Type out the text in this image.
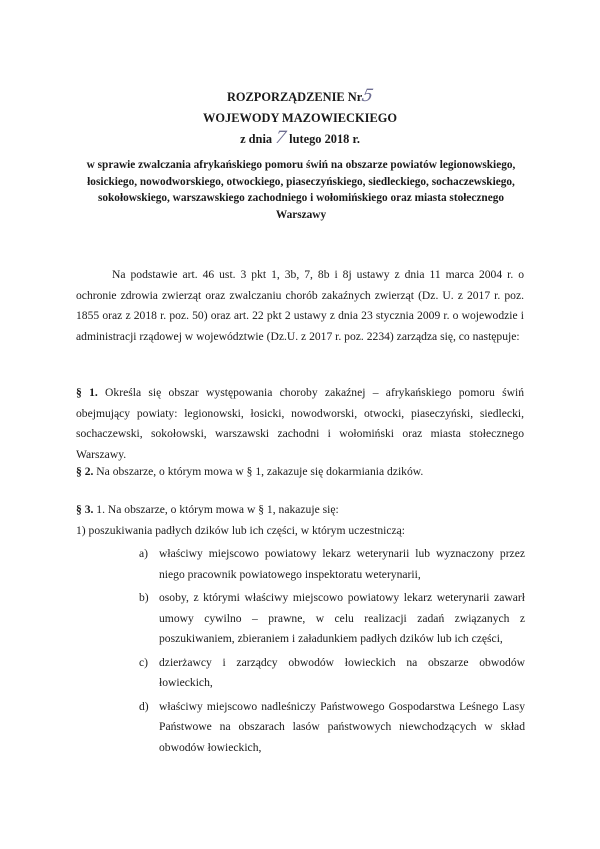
ROZPORZĄDZENIE Nr5
WOJEWODY MAZOWIECKIEGO
z dnia 7 lutego 2018 r.
w sprawie zwalczania afrykańskiego pomoru świń na obszarze powiatów legionowskiego, łosickiego, nowodworskiego, otwockiego, piaseczyńskiego, siedleckiego, sochaczewskiego, sokołowskiego, warszawskiego zachodniego i wołomińskiego oraz miasta stołecznego Warszawy

Na podstawie art. 46 ust. 3 pkt 1, 3b, 7, 8b i 8j ustawy z dnia 11 marca 2004 r. o ochronie zdrowia zwierząt oraz zwalczaniu chorób zakaźnych zwierząt (Dz. U. z 2017 r. poz. 1855 oraz z 2018 r. poz. 50) oraz art. 22 pkt 2 ustawy z dnia 23 stycznia 2009 r. o wojewodzie i administracji rządowej w województwie (Dz.U. z 2017 r. poz. 2234) zarządza się, co następuje:

§ 1. Określa się obszar występowania choroby zakaźnej – afrykańskiego pomoru świń obejmujący powiaty: legionowski, łosicki, nowodworski, otwocki, piaseczyński, siedlecki, sochaczewski, sokołowski, warszawski zachodni i wołomiński oraz miasta stołecznego Warszawy.

§ 2. Na obszarze, o którym mowa w § 1, zakazuje się dokarmiania dzików.

§ 3. 1. Na obszarze, o którym mowa w § 1, nakazuje się:
1) poszukiwania padłych dzików lub ich części, w którym uczestniczą:
a) właściwy miejscowo powiatowy lekarz weterynarii lub wyznaczony przez niego pracownik powiatowego inspektoratu weterynarii,
b) osoby, z którymi właściwy miejscowo powiatowy lekarz weterynarii zawarł umowy cywilno – prawne, w celu realizacji zadań związanych z poszukiwaniem, zbieraniem i załadunkiem padłych dzików lub ich części,
c) dzierżawcy i zarządcy obwodów łowieckich na obszarze obwodów łowieckich,
d) właściwy miejscowo nadleśniczy Państwowego Gospodarstwa Leśnego Lasy Państwowe na obszarach lasów państwowych niewchodzących w skład obwodów łowieckich,
